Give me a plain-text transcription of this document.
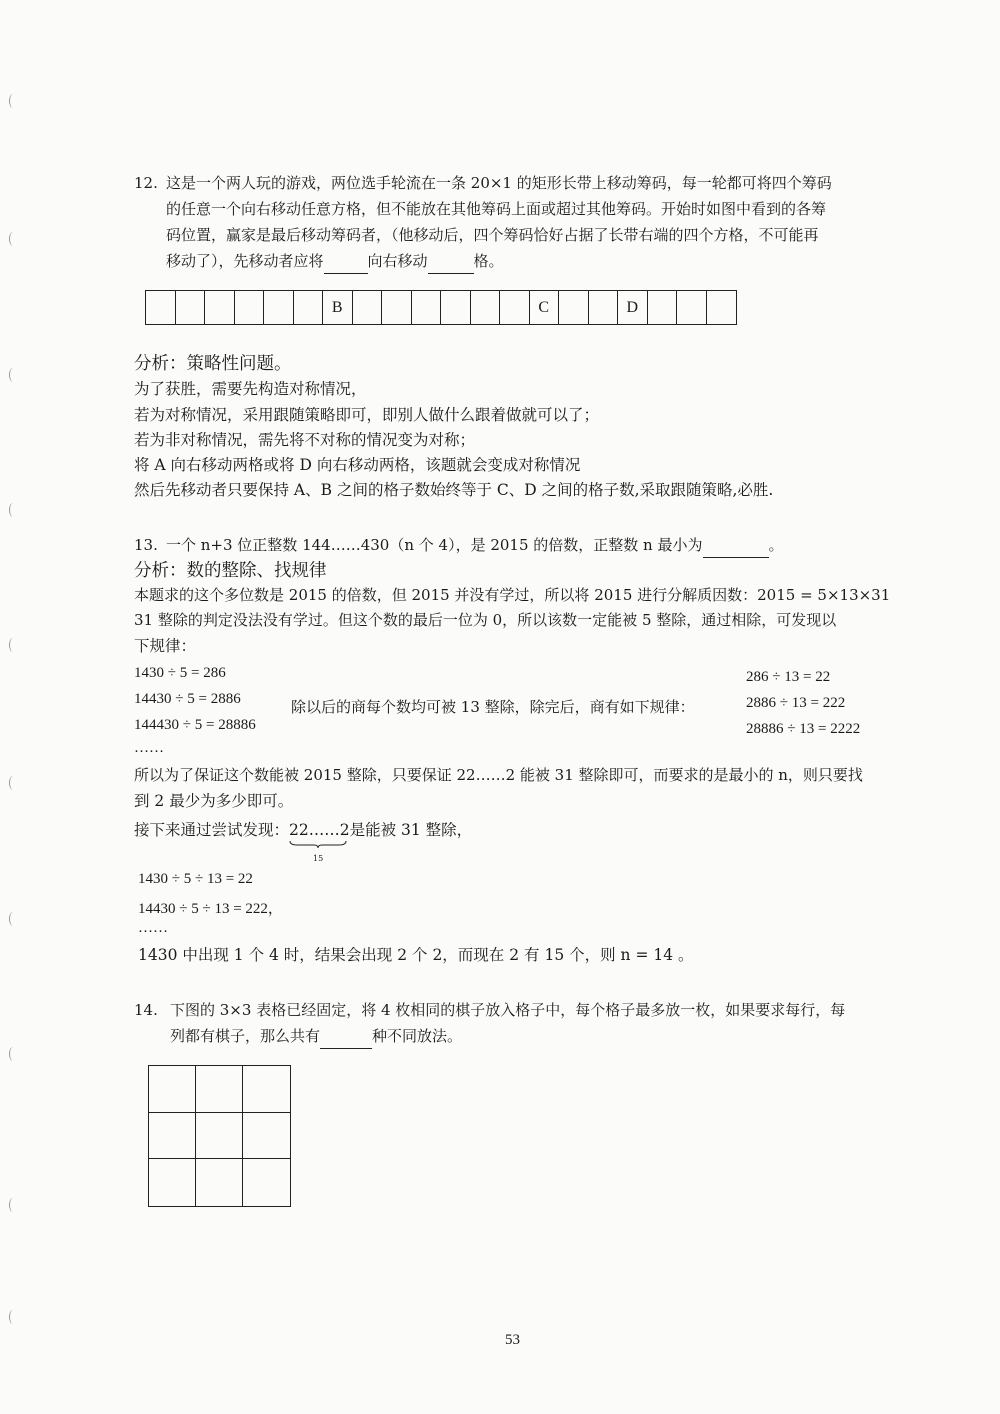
12. 这是一个两人玩的游戏，两位选手轮流在一条 20×1 的矩形长带上移动筹码，每一轮都可将四个筹码
的任意一个向右移动任意方格，但不能放在其他筹码上面或超过其他筹码。开始时如图中看到的各筹
码位置，赢家是最后移动筹码者，（他移动后，四个筹码恰好占据了长带右端的四个方格，不可能再
移动了），先移动者应将	向右移动	格。
B	C	D
分析：策略性问题。
为了获胜，需要先构造对称情况，
若为对称情况，采用跟随策略即可，即别人做什么跟着做就可以了；
若为非对称情况，需先将不对称的情况变为对称；
将 A 向右移动两格或将 D 向右移动两格，该题就会变成对称情况
然后先移动者只要保持 A、B 之间的格子数始终等于 C、D 之间的格子数,采取跟随策略,必胜.
13. 一个 n+3 位正整数 144……430（n 个 4），是 2015 的倍数，正整数 n 最小为	。
分析：数的整除、找规律
本题求的这个多位数是 2015 的倍数，但 2015 并没有学过，所以将 2015 进行分解质因数：2015 = 5×13×31
31 整除的判定没法没有学过。但这个数的最后一位为 0，所以该数一定能被 5 整除，通过相除，可发现以
下规律：
1430 ÷ 5 = 286
14430 ÷ 5 = 2886
144430 ÷ 5 = 28886
……
除以后的商每个数均可被 13 整除，除完后，商有如下规律：
286 ÷ 13 = 22
2886 ÷ 13 = 222
28886 ÷ 13 = 2222
所以为了保证这个数能被 2015 整除，只要保证 22……2 能被 31 整除即可，而要求的是最小的 n，则只要找
到 2 最少为多少即可。
接下来通过尝试发现：22……2
15
是能被 31 整除，
1430 ÷ 5 ÷ 13 = 22
14430 ÷ 5 ÷ 13 = 222，
……
1430 中出现 1 个 4 时，结果会出现 2 个 2，而现在 2 有 15 个，则 n = 14 。
14. 下图的 3×3 表格已经固定，将 4 枚相同的棋子放入格子中，每个格子最多放一枚，如果要求每行，每
列都有棋子，那么共有	种不同放法。
53
